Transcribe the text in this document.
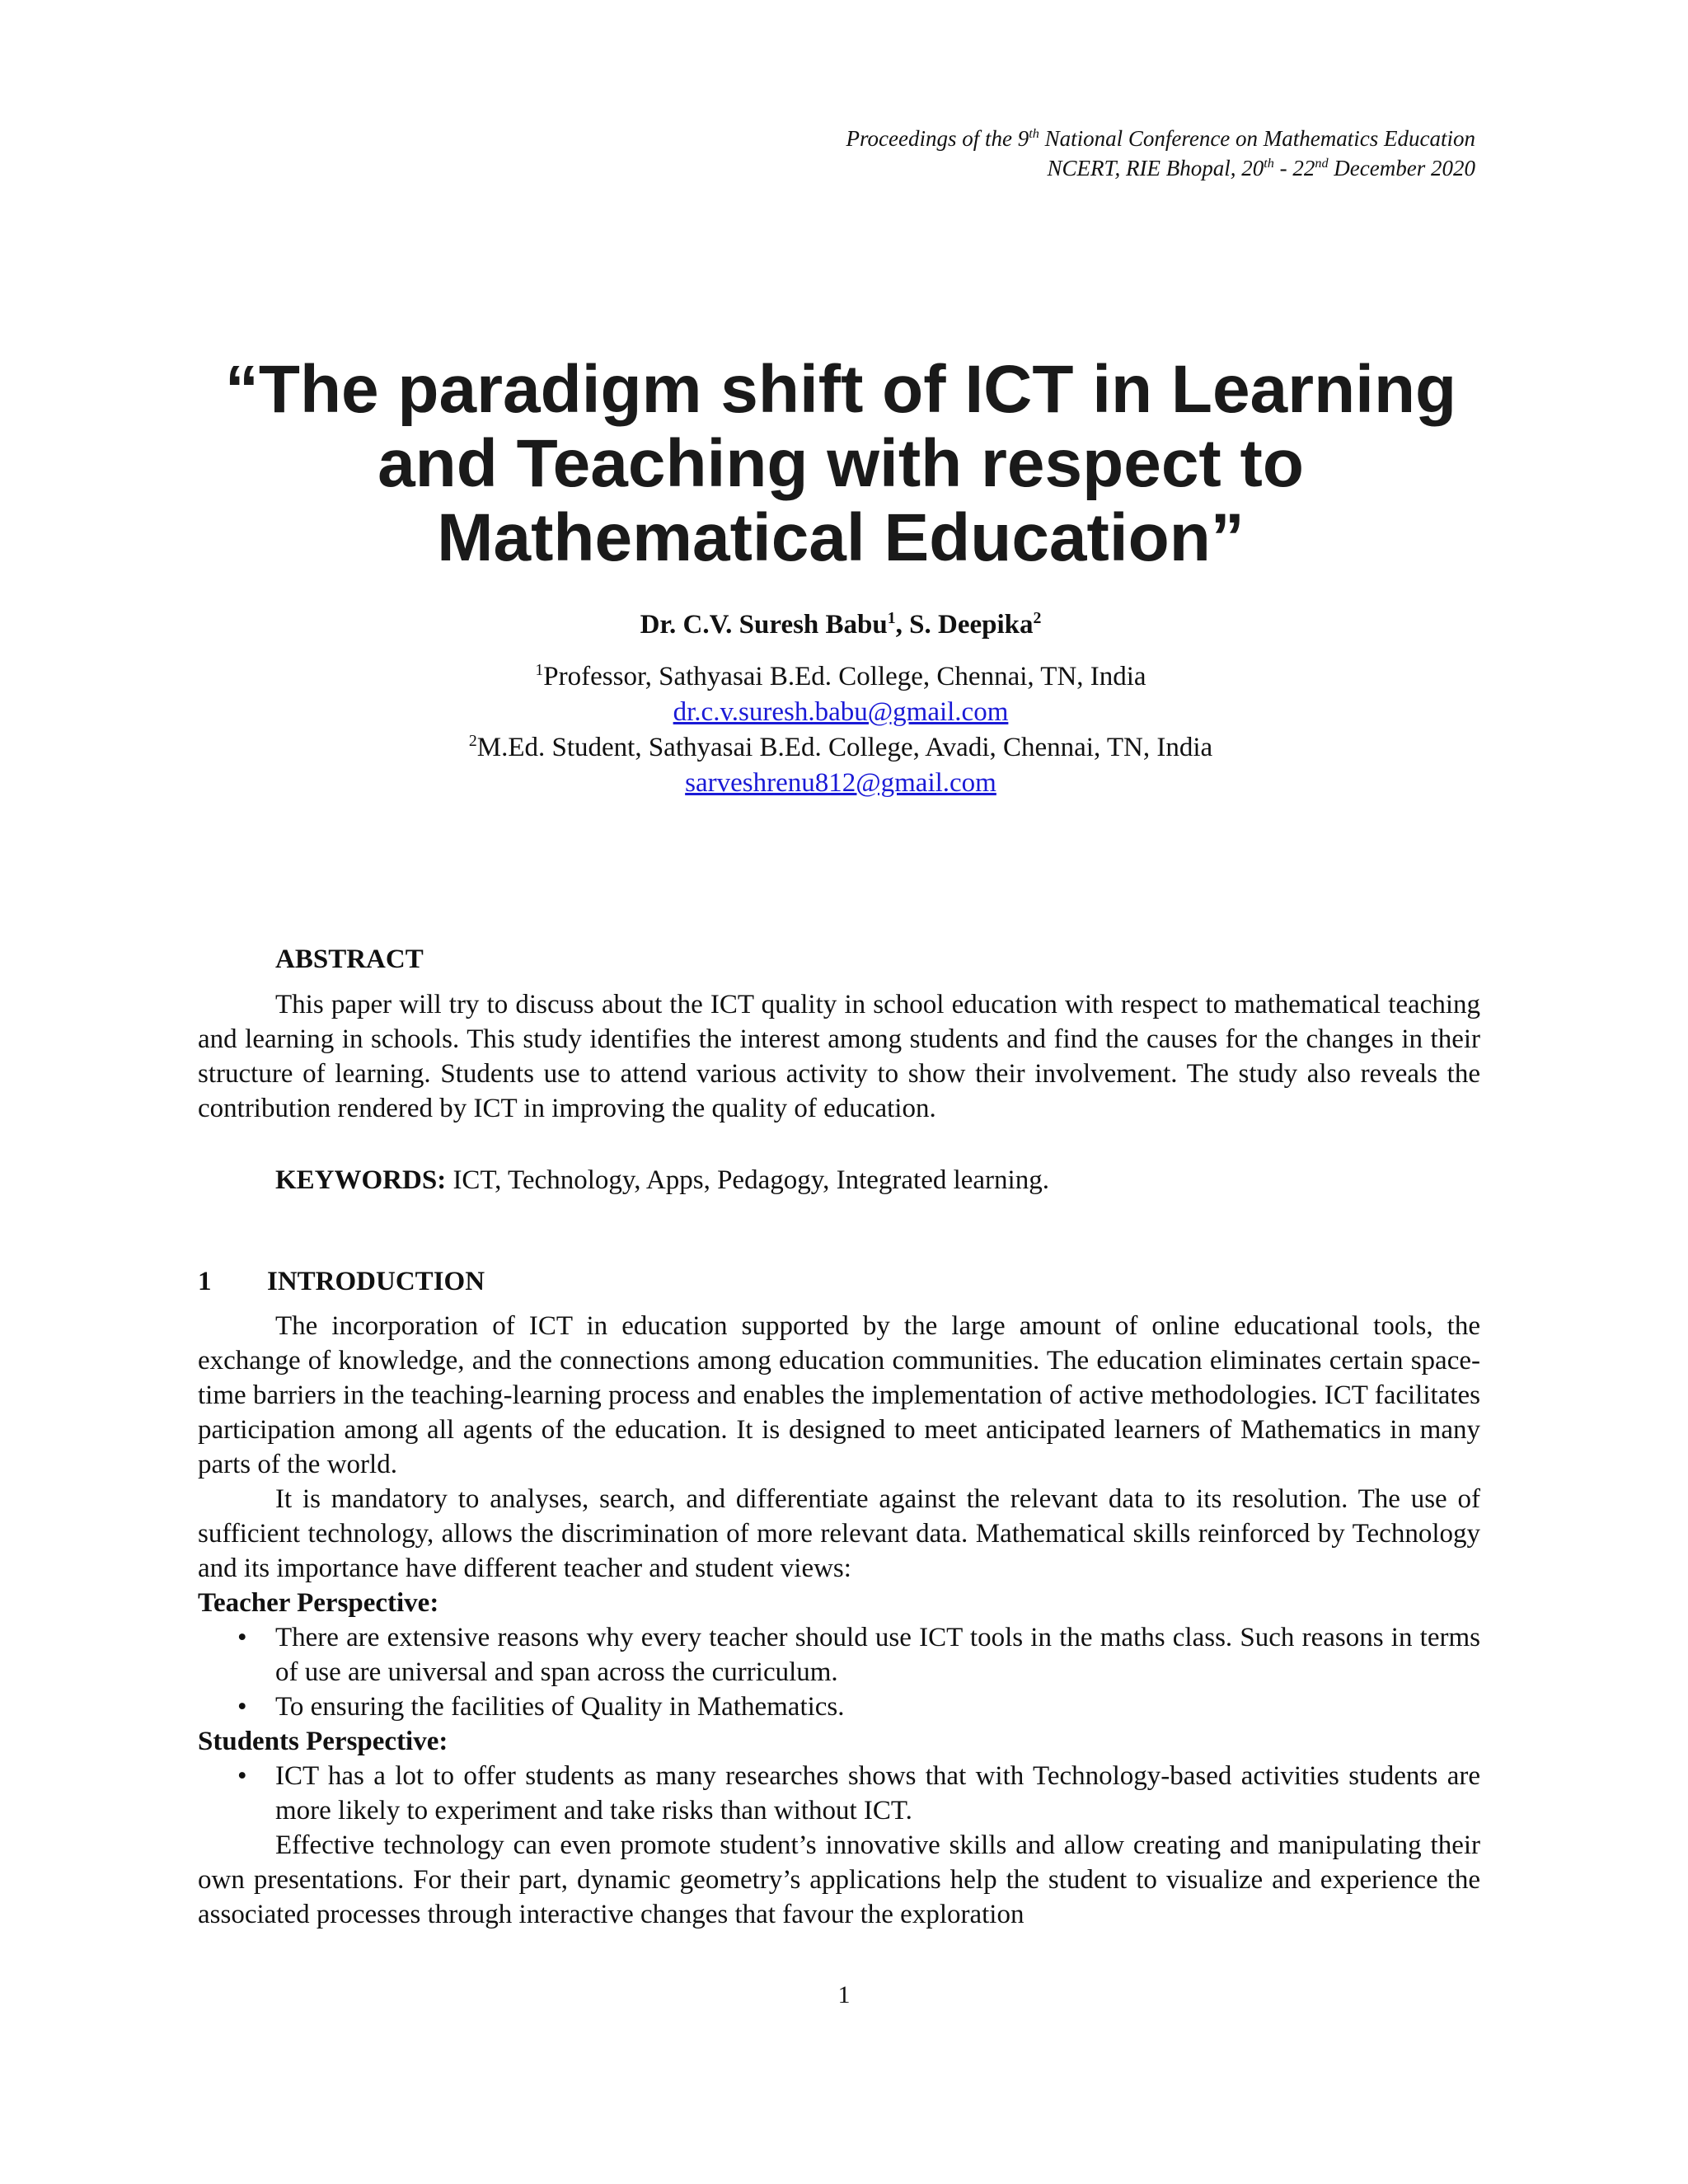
Proceedings of the 9th National Conference on Mathematics Education
NCERT, RIE Bhopal, 20th - 22nd December 2020
“The paradigm shift of ICT in Learning
and Teaching with respect to
Mathematical Education”
Dr. C.V. Suresh Babu$^1$, S. Deepika$^2$
$^1$Professor, Sathyasai B.Ed. College, Chennai, TN, India
dr.c.v.suresh.babu@gmail.com
$^2$M.Ed. Student, Sathyasai B.Ed. College, Avadi, Chennai, TN, India
sarveshrenu812@gmail.com
ABSTRACT

This paper will try to discuss about the ICT quality in school education with respect to mathematical teaching and learning in schools. This study identifies the interest among students and find the causes for the changes in their structure of learning. Students use to attend various activity to show their involvement. The study also reveals the contribution rendered by ICT in improving the quality of education.

KEYWORDS: ICT, Technology, Apps, Pedagogy, Integrated learning.
1 INTRODUCTION

The incorporation of ICT in education supported by the large amount of online educational tools, the exchange of knowledge, and the connections among education communities. The education eliminates certain space-time barriers in the teaching-learning process and enables the implementation of active methodologies. ICT facilitates participation among all agents of the education. It is designed to meet anticipated learners of Mathematics in many parts of the world.

It is mandatory to analyses, search, and differentiate against the relevant data to its resolution. The use of sufficient technology, allows the discrimination of more relevant data. Mathematical skills reinforced by Technology and its importance have different teacher and student views:

Teacher Perspective:

• There are extensive reasons why every teacher should use ICT tools in the maths class. Such reasons in terms of use are universal and span across the curriculum.
• To ensuring the facilities of Quality in Mathematics.

Students Perspective:

• ICT has a lot to offer students as many researches shows that with Technology-based activities students are more likely to experiment and take risks than without ICT.

Effective technology can even promote student’s innovative skills and allow creating and manipulating their own presentations. For their part, dynamic geometry’s applications help the student to visualize and experience the associated processes through interactive changes that favour the exploration

1
